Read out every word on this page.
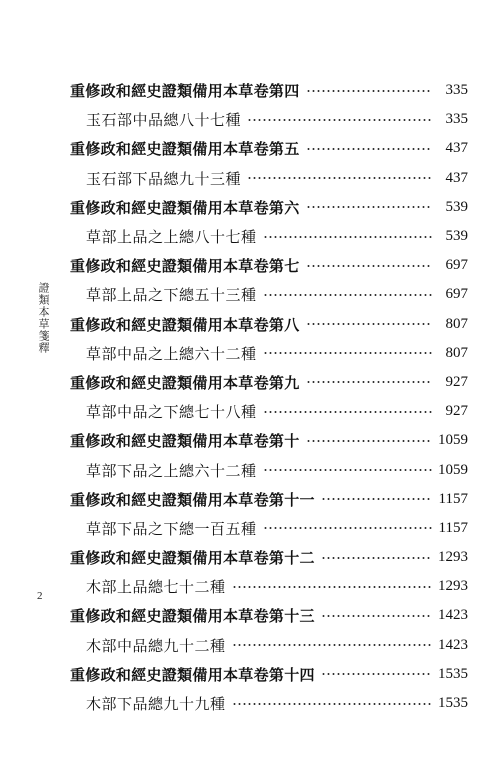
證類本草箋釋
2
重修政和經史證類備用本草卷第四	335
玉石部中品總八十七種	335
重修政和經史證類備用本草卷第五	437
玉石部下品總九十三種	437
重修政和經史證類備用本草卷第六	539
草部上品之上總八十七種	539
重修政和經史證類備用本草卷第七	697
草部上品之下總五十三種	697
重修政和經史證類備用本草卷第八	807
草部中品之上總六十二種	807
重修政和經史證類備用本草卷第九	927
草部中品之下總七十八種	927
重修政和經史證類備用本草卷第十	1059
草部下品之上總六十二種	1059
重修政和經史證類備用本草卷第十一	1157
草部下品之下總一百五種	1157
重修政和經史證類備用本草卷第十二	1293
木部上品總七十二種	1293
重修政和經史證類備用本草卷第十三	1423
木部中品總九十二種	1423
重修政和經史證類備用本草卷第十四	1535
木部下品總九十九種	1535
